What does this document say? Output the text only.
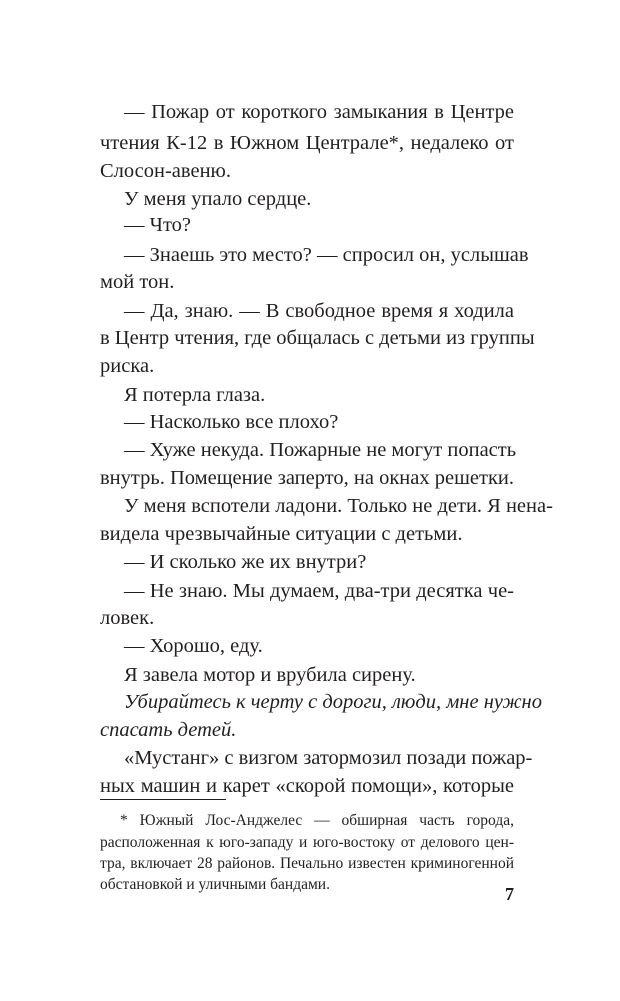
— Пожар от короткого замыкания в Центре
чтения К-12 в Южном Централе*, недалеко от
Слосон-авеню.
У меня упало сердце.
— Что?
— Знаешь это место? — спросил он, услышав
мой тон.
— Да, знаю. — В свободное время я ходила
в Центр чтения, где общалась с детьми из группы
риска.
Я потерла глаза.
— Насколько все плохо?
— Хуже некуда. Пожарные не могут попасть
внутрь. Помещение заперто, на окнах решетки.
У меня вспотели ладони. Только не дети. Я нена-
видела чрезвычайные ситуации с детьми.
— И сколько же их внутри?
— Не знаю. Мы думаем, два-три десятка че-
ловек.
— Хорошо, еду.
Я завела мотор и врубила сирену.
Убирайтесь к черту с дороги, люди, мне нужно
спасать детей.
«Мустанг» с визгом затормозил позади пожар-
ных машин и карет «скорой помощи», которые
* Южный Лос-Анджелес — обширная часть города,
расположенная к юго-западу и юго-востоку от делового цен-
тра, включает 28 районов. Печально известен криминогенной
обстановкой и уличными бандами.	7
